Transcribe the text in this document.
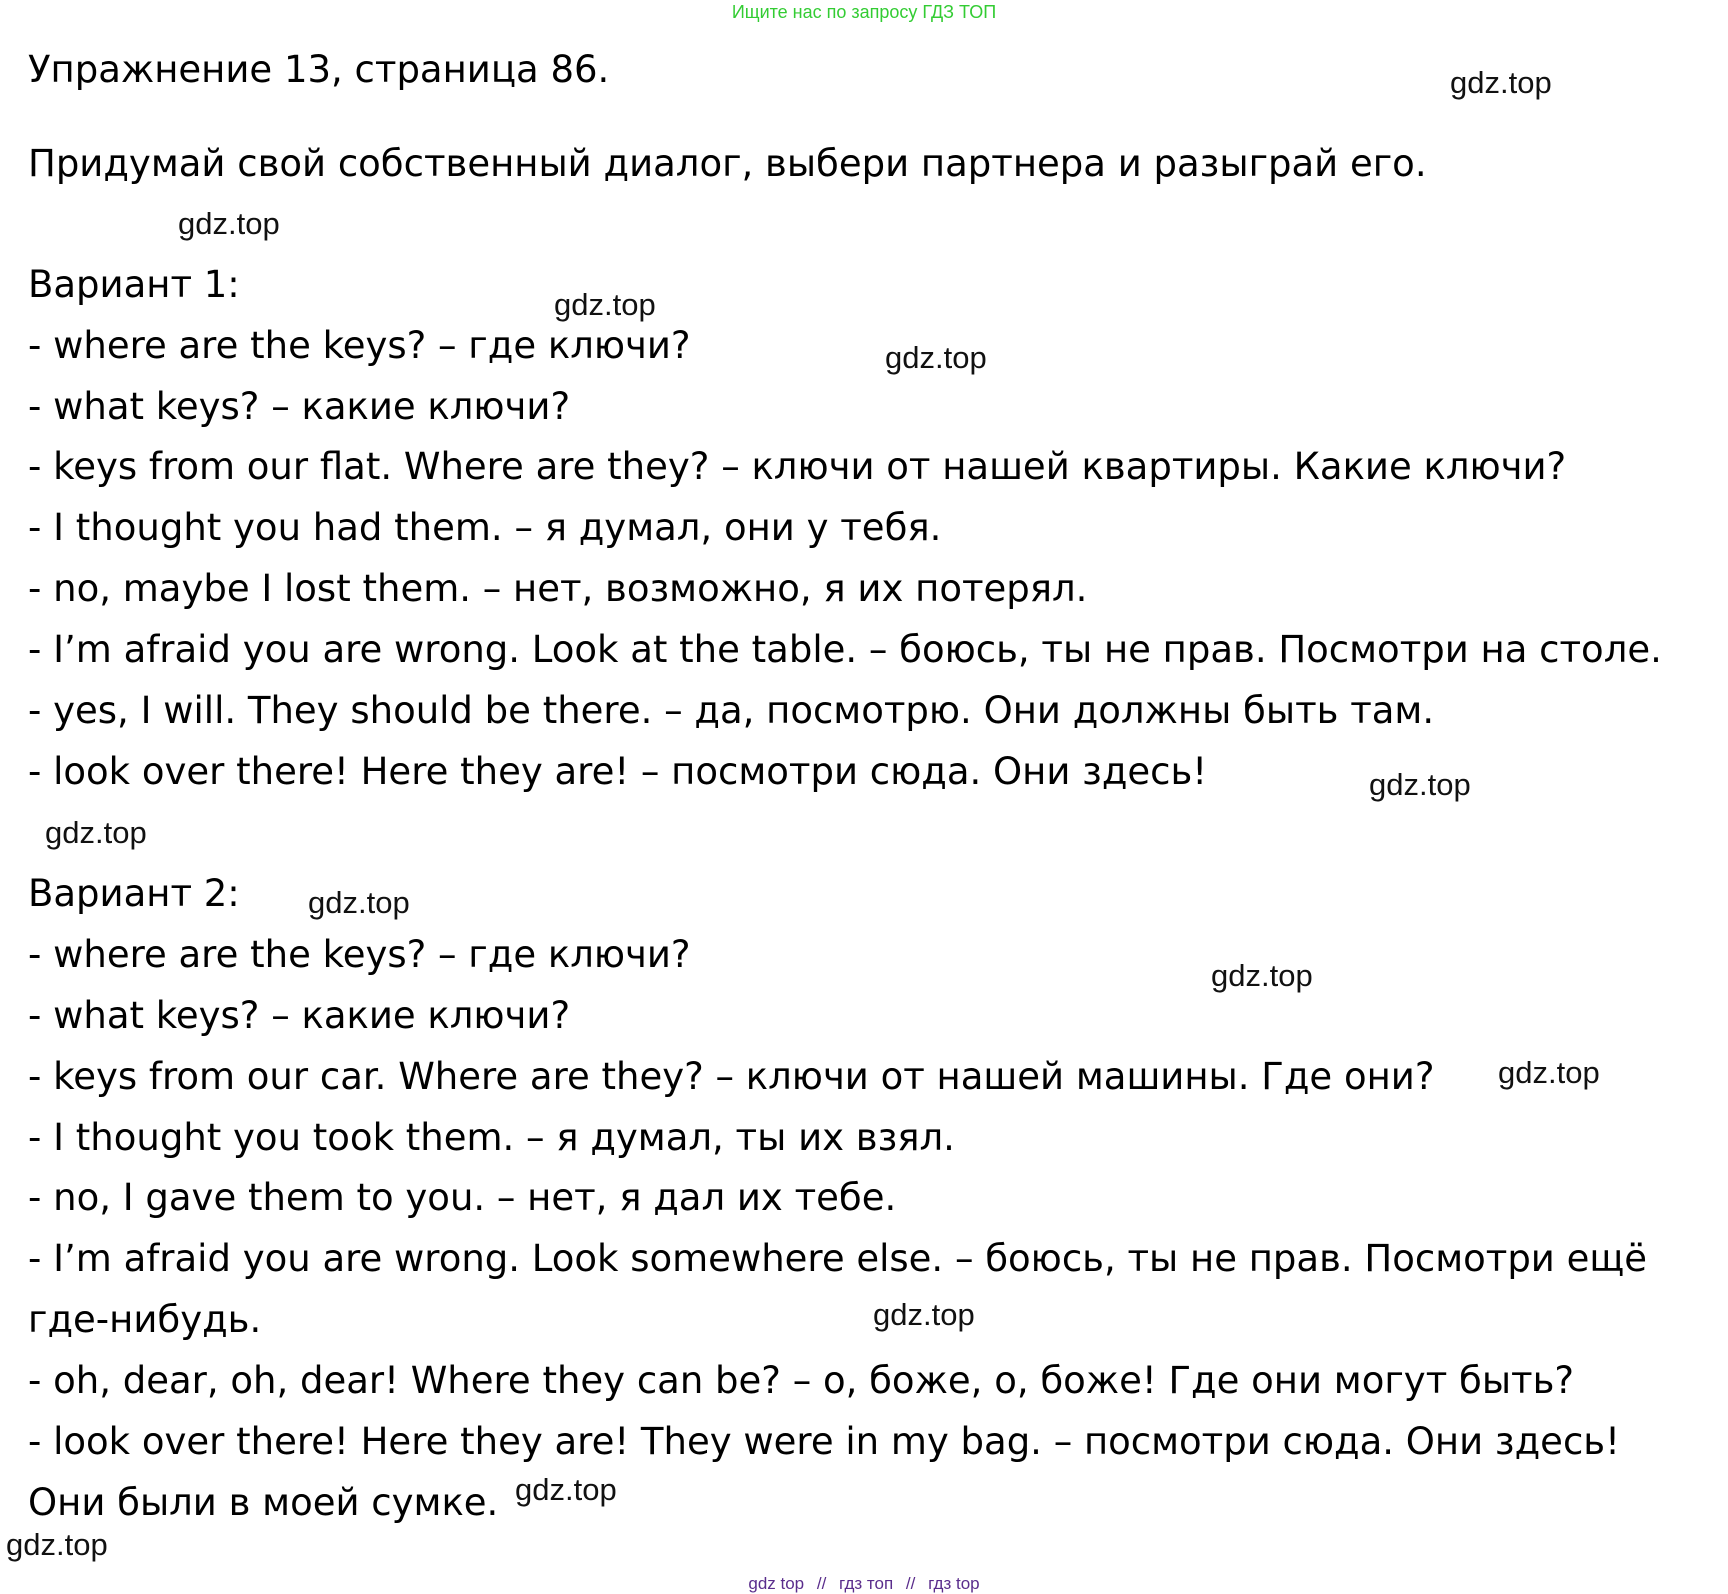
Ищите нас по запросу ГДЗ ТОП
Упражнение 13, страница 86.
Придумай свой собственный диалог, выбери партнера и разыграй его.
Вариант 1:
- where are the keys? – где ключи?
- what keys? – какие ключи?
- keys from our flat. Where are they? – ключи от нашей квартиры. Какие ключи?
- I thought you had them. – я думал, они у тебя.
- no, maybe I lost them. – нет, возможно, я их потерял.
- I’m afraid you are wrong. Look at the table. – боюсь, ты не прав. Посмотри на столе.
- yes, I will. They should be there. – да, посмотрю. Они должны быть там.
- look over there! Here they are! – посмотри сюда. Они здесь!
Вариант 2:
- where are the keys? – где ключи?
- what keys? – какие ключи?
- keys from our car. Where are they? – ключи от нашей машины. Где они?
- I thought you took them. – я думал, ты их взял.
- no, I gave them to you. – нет, я дал их тебе.
- I’m afraid you are wrong. Look somewhere else. – боюсь, ты не прав. Посмотри ещё
где-нибудь.
- oh, dear, oh, dear! Where they can be? – о, боже, о, боже! Где они могут быть?
- look over there! Here they are! They were in my bag. – посмотри сюда. Они здесь!
Они были в моей сумке.
gdz.top
gdz.top
gdz.top
gdz.top
gdz.top
gdz.top
gdz.top
gdz.top
gdz.top
gdz.top
gdz.top
gdz.top
gdz top // гдз топ // гдз top
